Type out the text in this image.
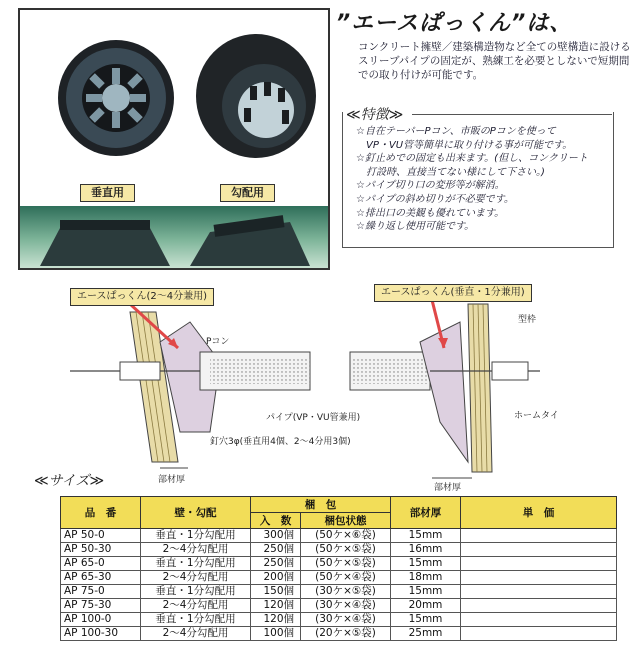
垂直用	勾配用
”エースぱっくん”は、
コンクリート擁壁／建築構造物など全ての壁構造に設けるスリーブパイプの固定が、熟練工を必要としないで短期間での取り付けが可能です。
≪特徴≫
☆自在テーパーPコン、市販のPコンを使って
　VP・VU管等簡単に取り付ける事が可能です。
☆釘止めでの固定も出来ます。(但し、コンクリート
　打設時、直接当てない様にして下さい。)
☆パイプ切り口の変形等が解消。
☆パイプの斜め切りが不必要です。
☆排出口の美観も優れています。
☆繰り返し使用可能です。
エースぱっくん(2～4分兼用)	エースぱっくん(垂直・1分兼用)
Pコン
型枠
パイプ(VP・VU管兼用)	ホームタイ
釘穴3φ(垂直用4個、2～4分用3個)
部材厚
部材厚
≪サイズ≫
品　番	壁・勾配	梱　包		部材厚	単　価
		入　数	梱包状態		
AP 50-0	垂直・1分勾配用	300個	(50ケ×⑥袋)	15mm	
AP 50-30	2～4分勾配用	250個	(50ケ×⑤袋)	16mm	
AP 65-0	垂直・1分勾配用	250個	(50ケ×⑤袋)	15mm	
AP 65-30	2～4分勾配用	200個	(50ケ×④袋)	18mm	
AP 75-0	垂直・1分勾配用	150個	(30ケ×⑤袋)	15mm	
AP 75-30	2～4分勾配用	120個	(30ケ×④袋)	20mm	
AP 100-0	垂直・1分勾配用	120個	(30ケ×④袋)	15mm	
AP 100-30	2～4分勾配用	100個	(20ケ×⑤袋)	25mm	
